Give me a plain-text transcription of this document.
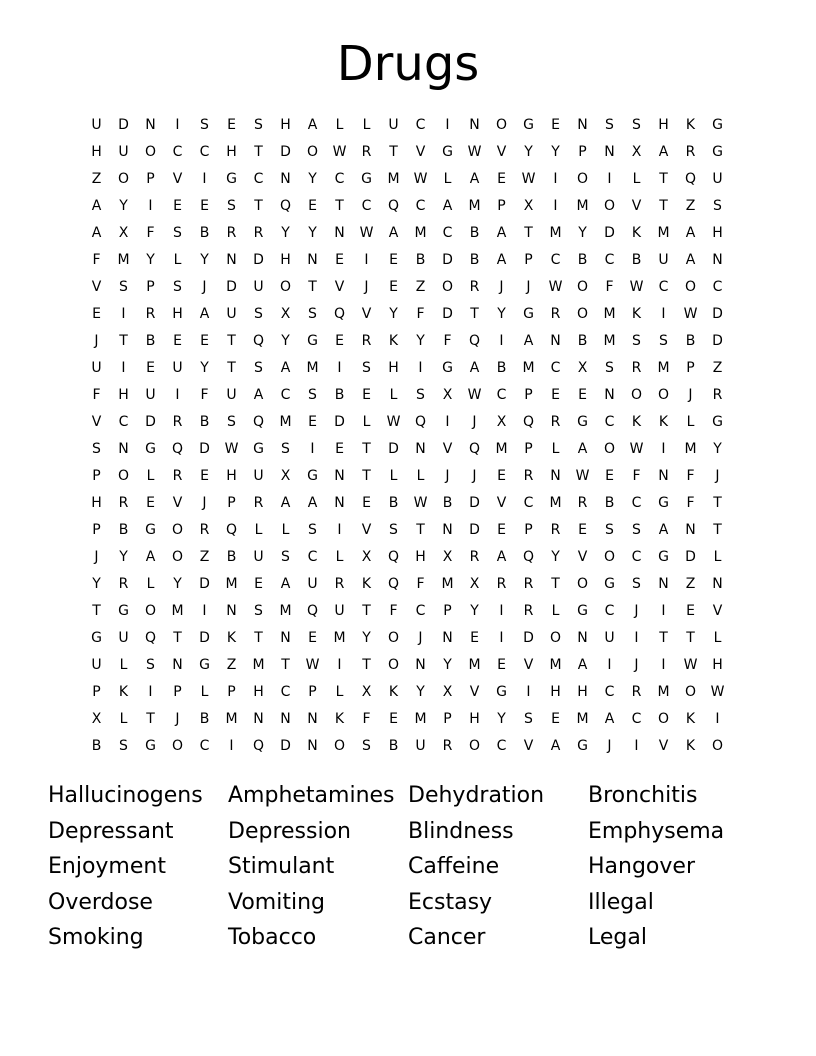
Drugs
U	D	N	I	S	E	S	H	A	L	L	U	C	I	N	O	G	E	N	S	S	H	K	G
H	U	O	C	C	H	T	D	O	W	R	T	V	G	W	V	Y	Y	P	N	X	A	R	G
Z	O	P	V	I	G	C	N	Y	C	G	M	W	L	A	E	W	I	O	I	L	T	Q	U
A	Y	I	E	E	S	T	Q	E	T	C	Q	C	A	M	P	X	I	M	O	V	T	Z	S
A	X	F	S	B	R	R	Y	Y	N	W	A	M	C	B	A	T	M	Y	D	K	M	A	H
F	M	Y	L	Y	N	D	H	N	E	I	E	B	D	B	A	P	C	B	C	B	U	A	N
V	S	P	S	J	D	U	O	T	V	J	E	Z	O	R	J	J	W	O	F	W	C	O	C
E	I	R	H	A	U	S	X	S	Q	V	Y	F	D	T	Y	G	R	O	M	K	I	W	D
J	T	B	E	E	T	Q	Y	G	E	R	K	Y	F	Q	I	A	N	B	M	S	S	B	D
U	I	E	U	Y	T	S	A	M	I	S	H	I	G	A	B	M	C	X	S	R	M	P	Z
F	H	U	I	F	U	A	C	S	B	E	L	S	X	W	C	P	E	E	N	O	O	J	R
V	C	D	R	B	S	Q	M	E	D	L	W	Q	I	J	X	Q	R	G	C	K	K	L	G
S	N	G	Q	D	W	G	S	I	E	T	D	N	V	Q	M	P	L	A	O	W	I	M	Y
P	O	L	R	E	H	U	X	G	N	T	L	L	J	J	E	R	N	W	E	F	N	F	J
H	R	E	V	J	P	R	A	A	N	E	B	W	B	D	V	C	M	R	B	C	G	F	T
P	B	G	O	R	Q	L	L	S	I	V	S	T	N	D	E	P	R	E	S	S	A	N	T
J	Y	A	O	Z	B	U	S	C	L	X	Q	H	X	R	A	Q	Y	V	O	C	G	D	L
Y	R	L	Y	D	M	E	A	U	R	K	Q	F	M	X	R	R	T	O	G	S	N	Z	N
T	G	O	M	I	N	S	M	Q	U	T	F	C	P	Y	I	R	L	G	C	J	I	E	V
G	U	Q	T	D	K	T	N	E	M	Y	O	J	N	E	I	D	O	N	U	I	T	T	L
U	L	S	N	G	Z	M	T	W	I	T	O	N	Y	M	E	V	M	A	I	J	I	W	H
P	K	I	P	L	P	H	C	P	L	X	K	Y	X	V	G	I	H	H	C	R	M	O	W
X	L	T	J	B	M	N	N	N	K	F	E	M	P	H	Y	S	E	M	A	C	O	K	I
B	S	G	O	C	I	Q	D	N	O	S	B	U	R	O	C	V	A	G	J	I	V	K	O
Hallucinogens	Amphetamines Dehydration	Bronchitis
Depressant	Depression	Blindness	Emphysema
Enjoyment	Stimulant	Caffeine	Hangover
Overdose	Vomiting	Ecstasy	Illegal
Smoking	Tobacco	Cancer	Legal
